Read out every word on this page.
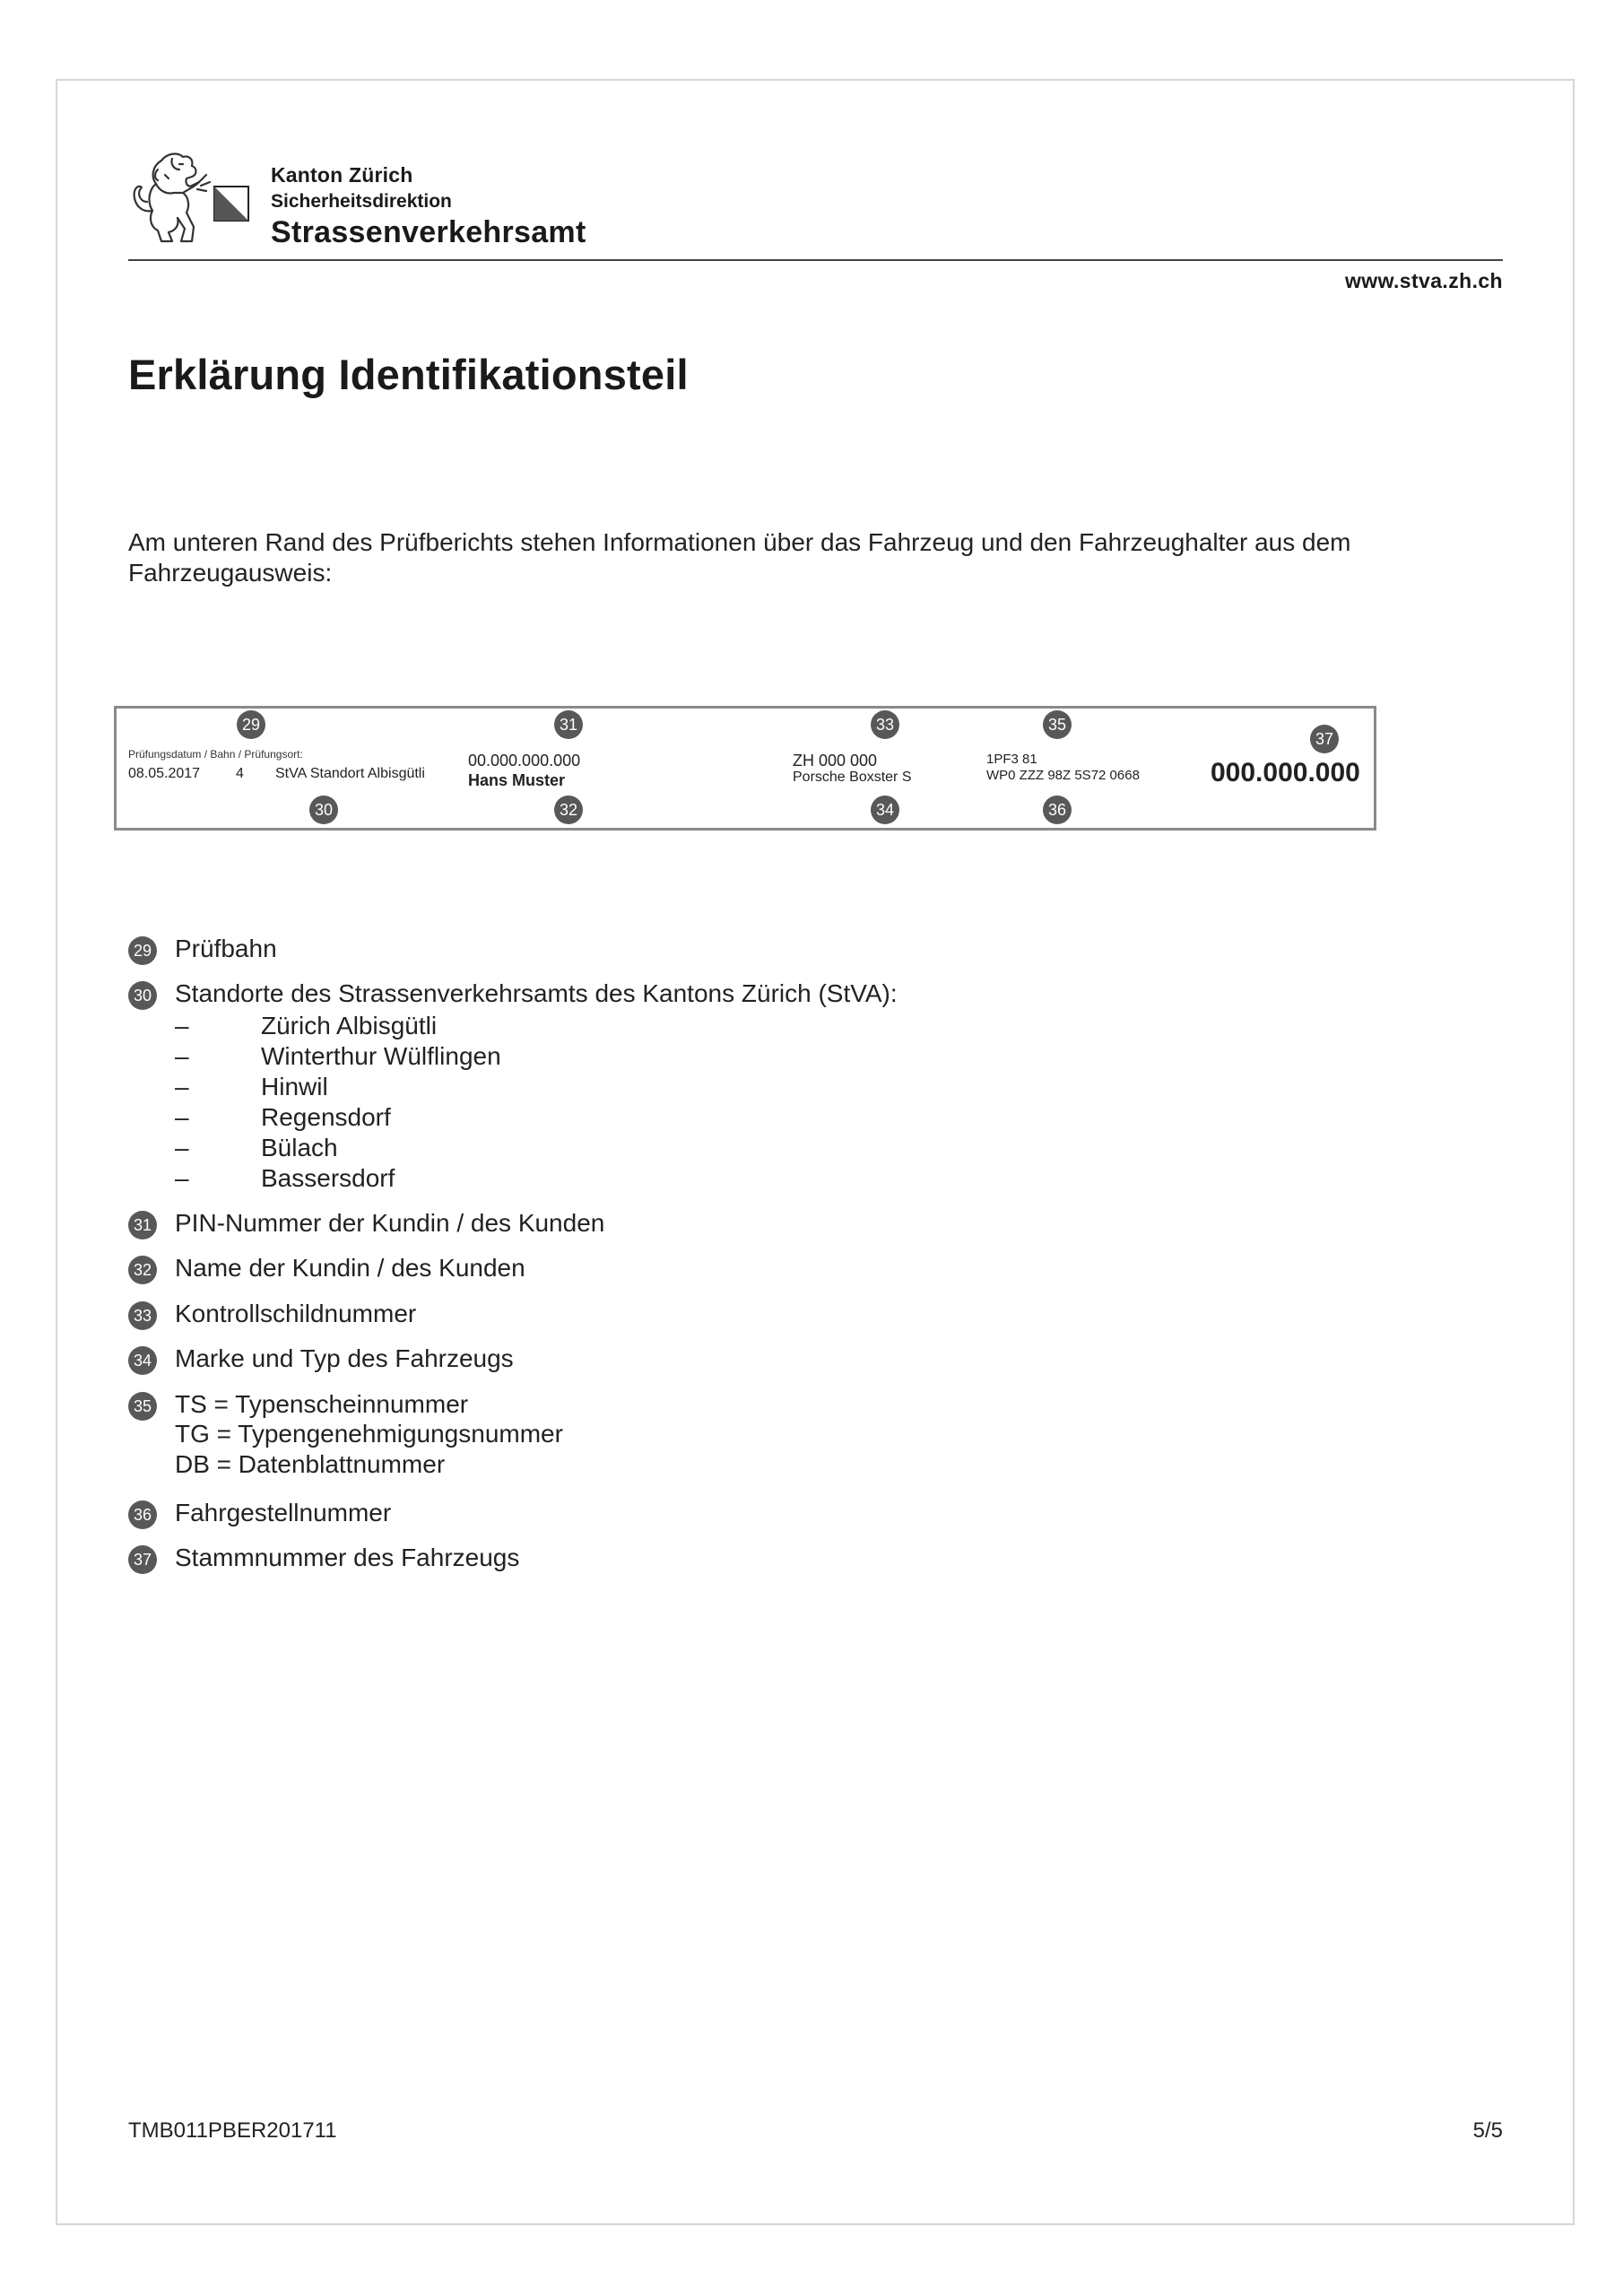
Kanton Zürich
Sicherheitsdirektion
Strassenverkehrsamt
www.stva.zh.ch
Erklärung Identifikationsteil

Am unteren Rand des Prüfberichts stehen Informationen über das Fahrzeug und den Fahrzeughalter aus dem Fahrzeugausweis:

29
30
31
32
33
34
35
36
37
Prüfungsdatum / Bahn / Prüfungsort:
08.05.2017 4 StVA Standort Albisgütli
00.000.000.000
Hans Muster
ZH 000 000
Porsche Boxster S
1PF3 81
WP0 ZZZ 98Z 5S72 0668	000.000.000
29 Prüfbahn
30 Standorte des Strassenverkehrsamts des Kantons Zürich (StVA):
–	Zürich Albisgütli
–	Winterthur Wülflingen
–	Hinwil
–	Regensdorf
–	Bülach
–	Bassersdorf
31 PIN-Nummer der Kundin / des Kunden
32 Name der Kundin / des Kunden
33 Kontrollschildnummer
34 Marke und Typ des Fahrzeugs
35 TS = Typenscheinnummer
TG = Typengenehmigungsnummer
DB = Datenblattnummer
36 Fahrgestellnummer
37 Stammnummer des Fahrzeugs
TMB011PBER201711	5/5
